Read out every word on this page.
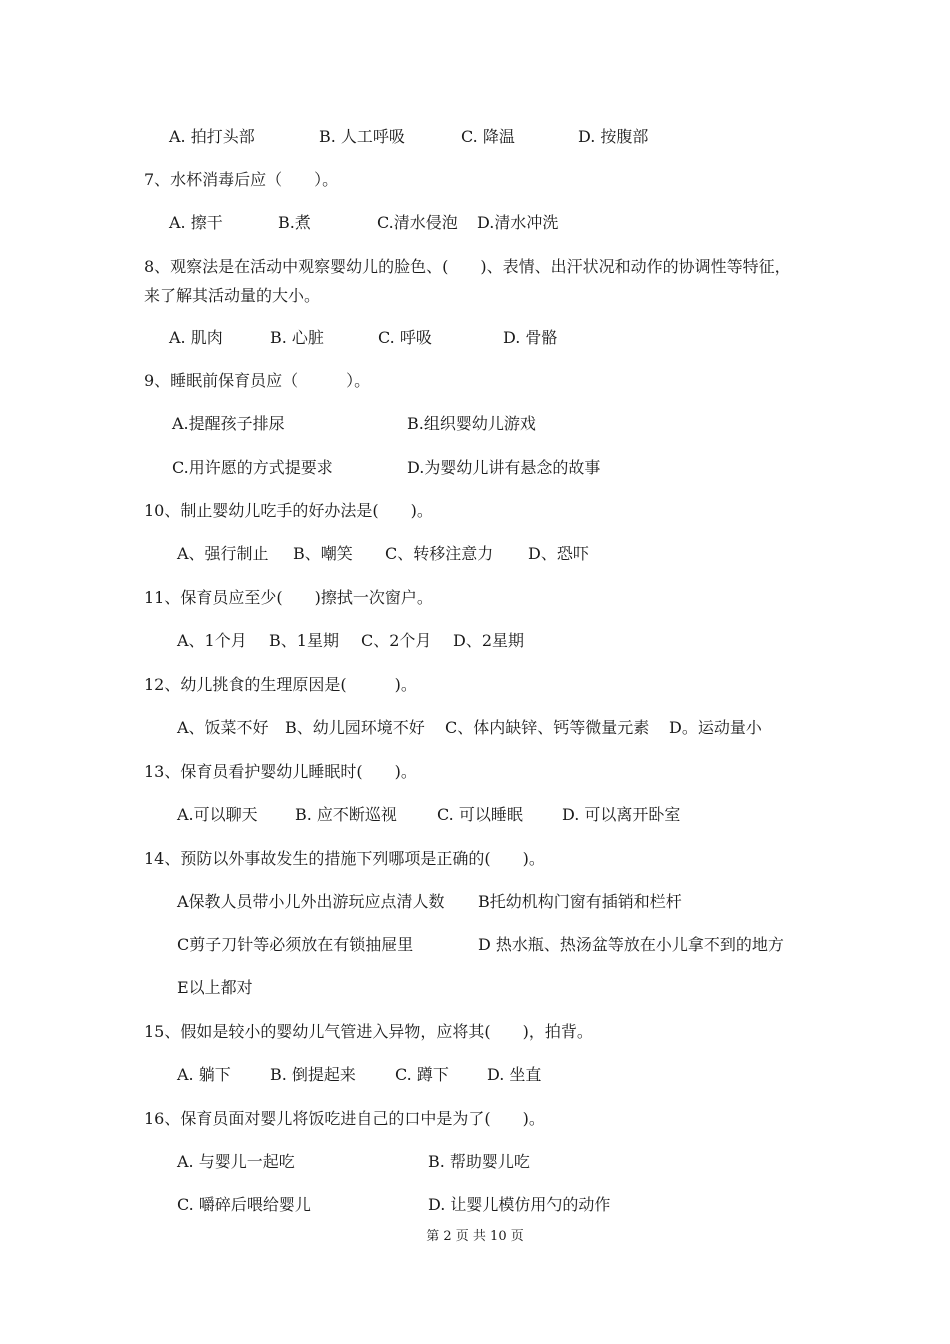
A. 拍打头部	B. 人工呼吸	C. 降温	D. 按腹部
7、水杯消毒后应（　　）。
A. 擦干	B.煮	C.清水侵泡 D.清水冲洗
8、观察法是在活动中观察婴幼儿的脸色、(　　)、表情、出汗状况和动作的协调性等特征，
来了解其活动量的大小。
A. 肌肉	B. 心脏	C. 呼吸	D. 骨骼
9、睡眠前保育员应（　　　）。
A.提醒孩子排尿	B.组织婴幼儿游戏
C.用许愿的方式提要求	D.为婴幼儿讲有悬念的故事
10、制止婴幼儿吃手的好办法是(　　)。
A、强行制止 B、嘲笑 C、转移注意力 D、恐吓
11、保育员应至少(　　)擦拭一次窗户。
A、1个月 B、1星期 C、2个月 D、2星期
12、幼儿挑食的生理原因是(　　　)。
A、饭菜不好 B、幼儿园环境不好 C、体内缺锌、钙等微量元素 D。运动量小
13、保育员看护婴幼儿睡眠时(　　)。
A.可以聊天 B. 应不断巡视	C. 可以睡眠 D. 可以离开卧室
14、预防以外事故发生的措施下列哪项是正确的(　　)。
A保教人员带小儿外出游玩应点清人数 B托幼机构门窗有插销和栏杆
C剪子刀针等必须放在有锁抽屉里	D 热水瓶、热汤盆等放在小儿拿不到的地方
E以上都对
15、假如是较小的婴幼儿气管进入异物，应将其(　　)，拍背。
A. 躺下 B. 倒提起来 C. 蹲下 D. 坐直
16、保育员面对婴儿将饭吃进自己的口中是为了(　　)。
A. 与婴儿一起吃	B. 帮助婴儿吃
C. 嚼碎后喂给婴儿	D. 让婴儿模仿用勺的动作
第 2 页 共 10 页
